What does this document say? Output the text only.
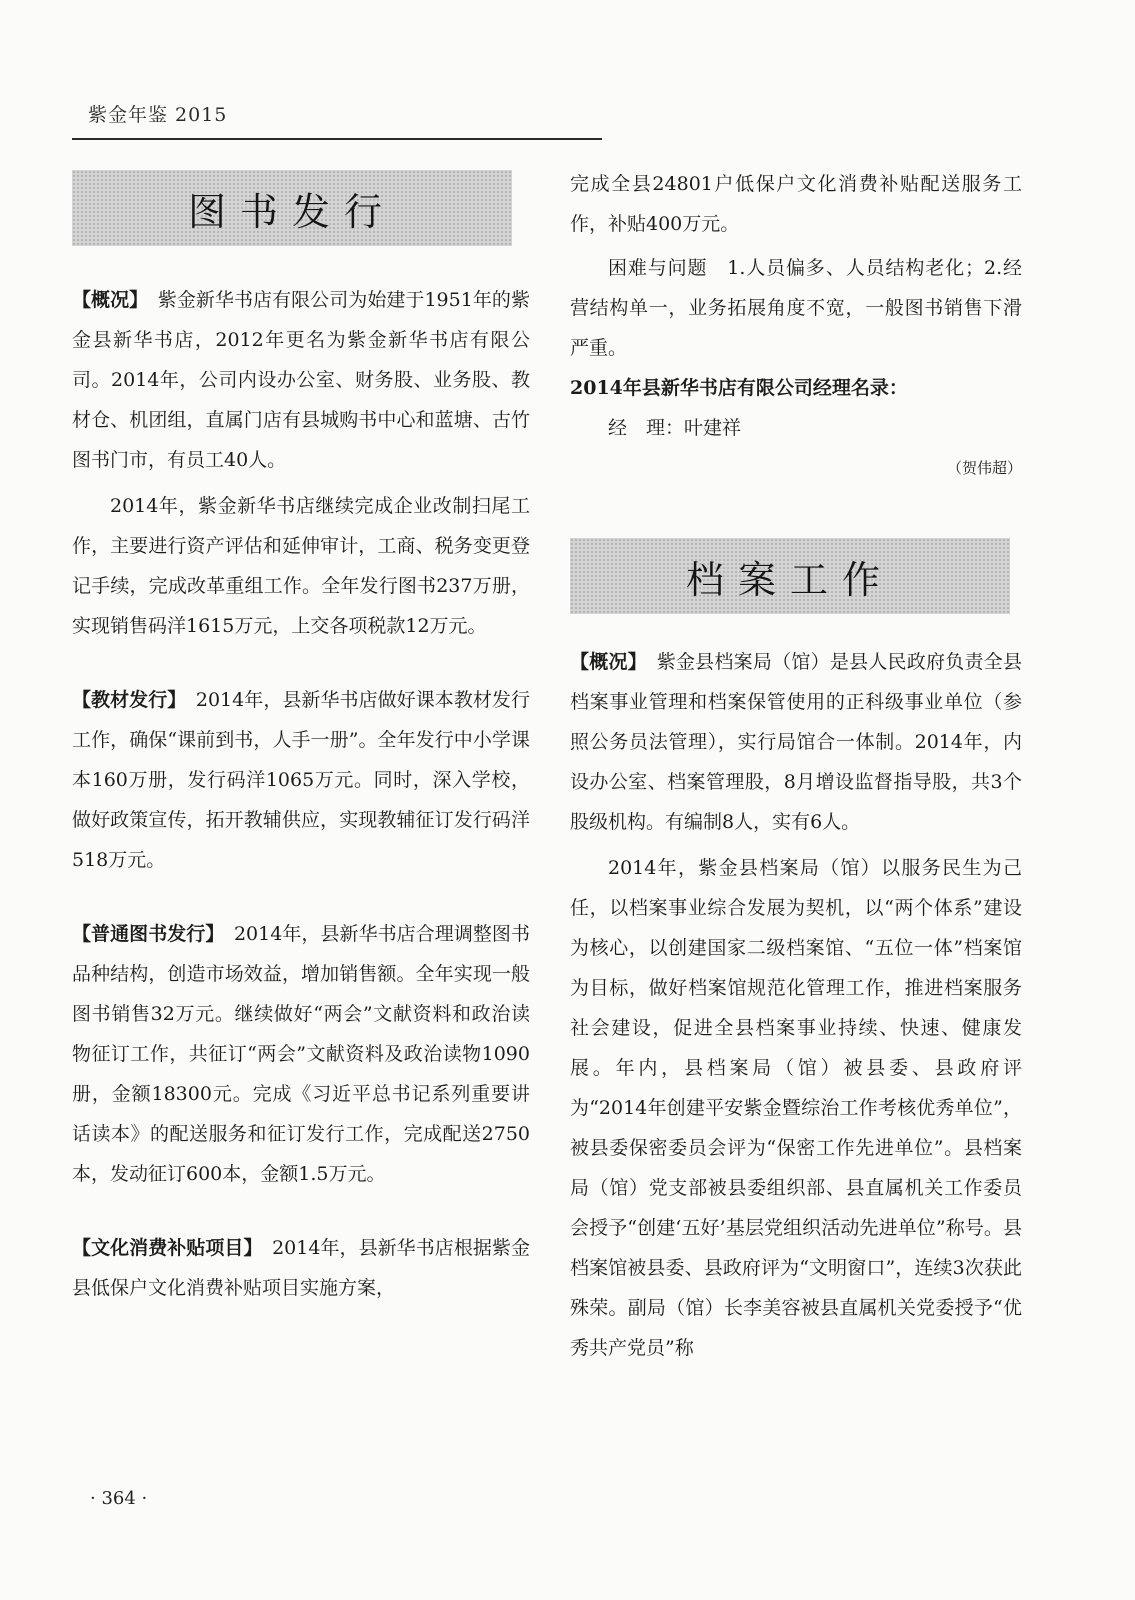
紫金年鉴 2015
图书发行

【概况】　 紫金新华书店有限公司为始建于1951年的紫金县新华书店，2012年更名为紫金新华书店有限公司。2014年，公司内设办公室、财务股、业务股、教材仓、机团组，直属门店有县城购书中心和蓝塘、古竹图书门市，有员工40人。

2014年，紫金新华书店继续完成企业改制扫尾工作，主要进行资产评估和延伸审计，工商、税务变更登记手续，完成改革重组工作。全年发行图书237万册，实现销售码洋1615万元，上交各项税款12万元。

【教材发行】　 2014年，县新华书店做好课本教材发行工作，确保“课前到书，人手一册”。全年发行中小学课本160万册，发行码洋1065万元。同时，深入学校，做好政策宣传，拓开教辅供应，实现教辅征订发行码洋518万元。

【普通图书发行】　 2014年，县新华书店合理调整图书品种结构，创造市场效益，增加销售额。全年实现一般图书销售32万元。继续做好“两会”文献资料和政治读物征订工作，共征订“两会”文献资料及政治读物1090册，金额18300元。完成《习近平总书记系列重要讲话读本》的配送服务和征订发行工作，完成配送2750本，发动征订600本，金额1.5万元。

【文化消费补贴项目】　 2014年，县新华书店根据紫金县低保户文化消费补贴项目实施方案，

完成全县24801户低保户文化消费补贴配送服务工作，补贴400万元。

困难与问题　1.人员偏多、人员结构老化；2.经营结构单一，业务拓展角度不宽，一般图书销售下滑严重。

2014年县新华书店有限公司经理名录：

经　理：叶建祥

（贺伟超）

档案工作

【概况】　 紫金县档案局（馆）是县人民政府负责全县档案事业管理和档案保管使用的正科级事业单位（参照公务员法管理），实行局馆合一体制。2014年，内设办公室、档案管理股，8月增设监督指导股，共3个股级机构。有编制8人，实有6人。

2014年，紫金县档案局（馆）以服务民生为己任，以档案事业综合发展为契机，以“两个体系”建设为核心，以创建国家二级档案馆、“五位一体”档案馆为目标，做好档案馆规范化管理工作，推进档案服务社会建设，促进全县档案事业持续、快速、健康发展。年内，县档案局（馆）被县委、县政府评为“2014年创建平安紫金暨综治工作考核优秀单位”，被县委保密委员会评为“保密工作先进单位”。县档案局（馆）党支部被县委组织部、县直属机关工作委员会授予“创建‘五好’基层党组织活动先进单位”称号。县档案馆被县委、县政府评为“文明窗口”，连续3次获此殊荣。副局（馆）长李美容被县直属机关党委授予“优秀共产党员”称

· 364 ·
